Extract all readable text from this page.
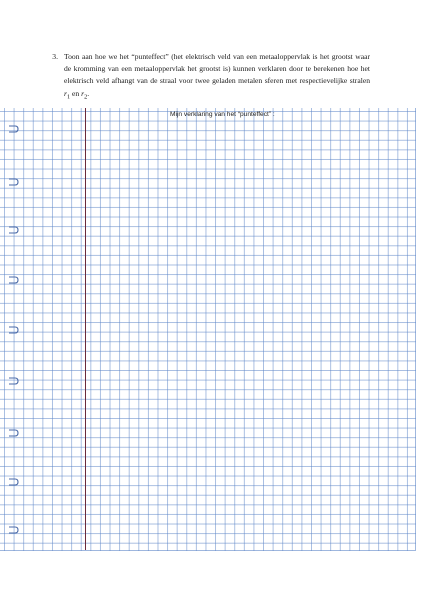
3 . Toon aan hoe we het “punteffect” (het elektrisch veld van een metaaloppervlak is het grootst waar de kromming van een metaaloppervlak het grootst is) kunnen verklaren door te berekenen hoe het elektrisch veld afhangt van de straal voor twee geladen metalen sferen met respectievelijke stralen $r_1$ en $r_2$.
Mijn verklaring van het “punteffect” :
